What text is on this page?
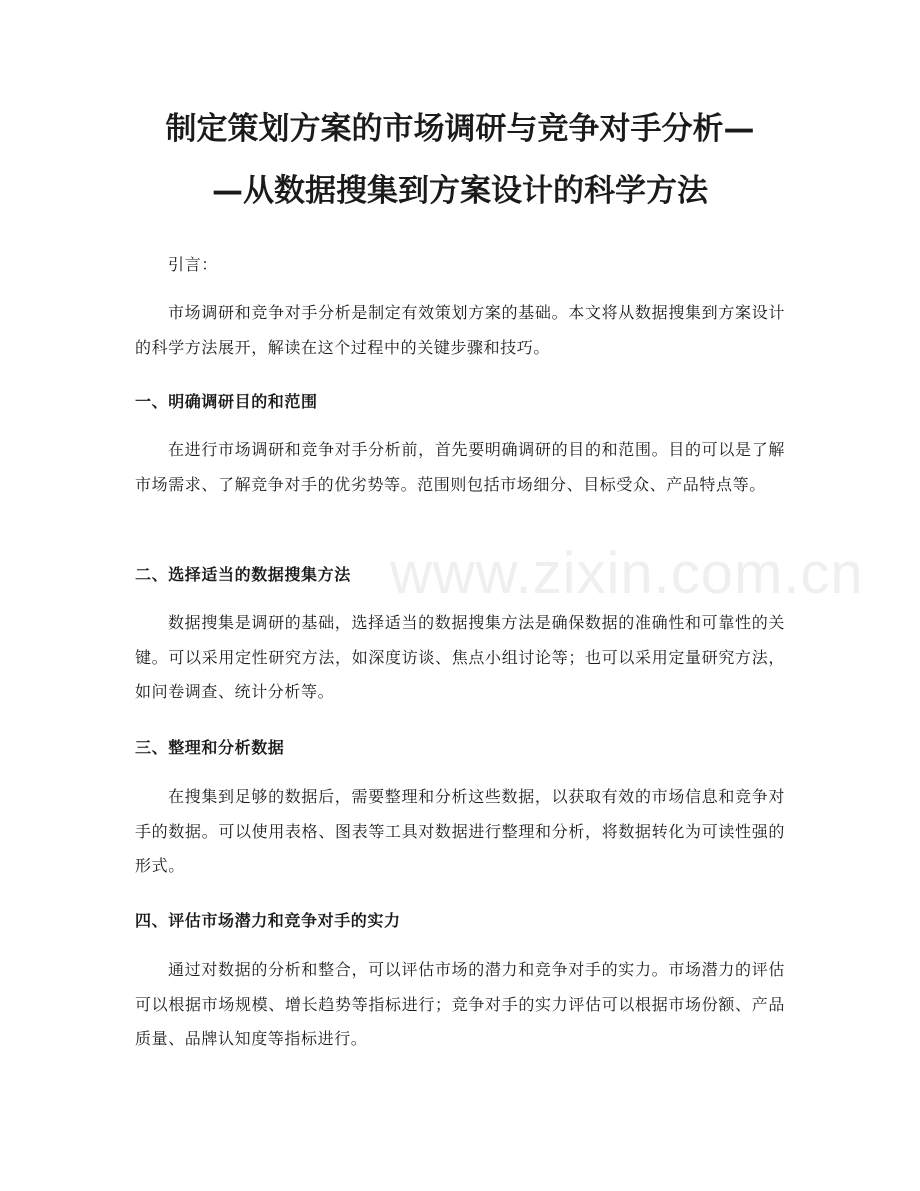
制定策划方案的市场调研与竞争对手分析—
—从数据搜集到方案设计的科学方法

引言：

市场调研和竞争对手分析是制定有效策划方案的基础。本文将从数据搜集到方案设计的科学方法展开，解读在这个过程中的关键步骤和技巧。

一、明确调研目的和范围

在进行市场调研和竞争对手分析前，首先要明确调研的目的和范围。目的可以是了解市场需求、了解竞争对手的优劣势等。范围则包括市场细分、目标受众、产品特点等。

二、选择适当的数据搜集方法

数据搜集是调研的基础，选择适当的数据搜集方法是确保数据的准确性和可靠性的关键。可以采用定性研究方法，如深度访谈、焦点小组讨论等；也可以采用定量研究方法，如问卷调查、统计分析等。

三、整理和分析数据

在搜集到足够的数据后，需要整理和分析这些数据，以获取有效的市场信息和竞争对手的数据。可以使用表格、图表等工具对数据进行整理和分析，将数据转化为可读性强的形式。

四、评估市场潜力和竞争对手的实力

通过对数据的分析和整合，可以评估市场的潜力和竞争对手的实力。市场潜力的评估可以根据市场规模、增长趋势等指标进行；竞争对手的实力评估可以根据市场份额、产品质量、品牌认知度等指标进行。

www.zixin.com.cn
